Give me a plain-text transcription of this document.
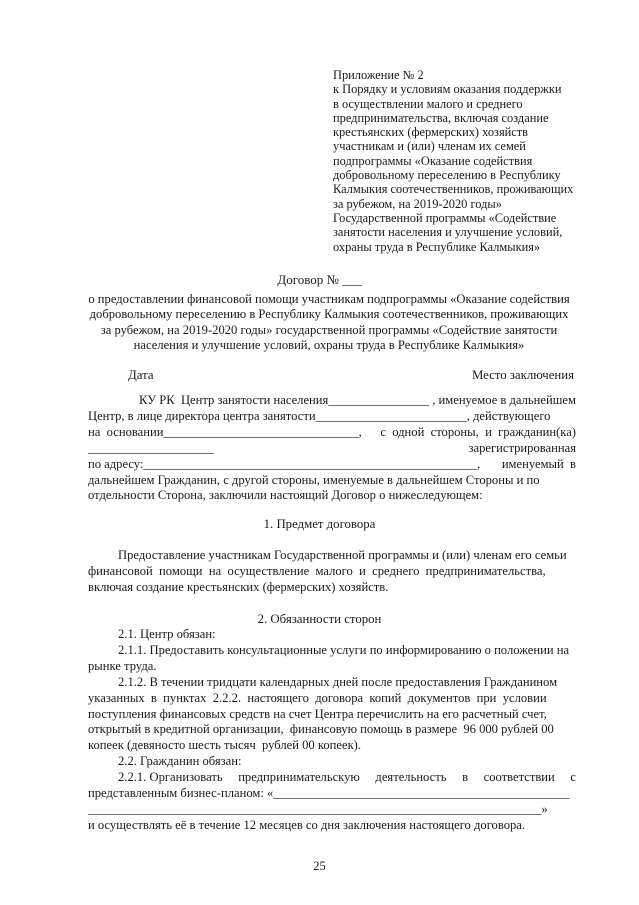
Приложение № 2
к Порядку и условиям оказания поддержки
в осуществлении малого и среднего
предпринимательства, включая создание
крестьянских (фермерских) хозяйств
участникам и (или) членам их семей
подпрограммы «Оказание содействия
добровольному переселению в Республику
Калмыкия соотечественников, проживающих
за рубежом, на 2019-2020 годы»
Государственной программы «Содействие
занятости населения и улучшение условий,
охраны труда в Республике Калмыкия»
Договор № ___
о предоставлении финансовой помощи участникам подпрограммы «Оказание содействия
добровольному переселению в Республику Калмыкия соотечественников, проживающих
за рубежом, на 2019-2020 годы» государственной программы «Содействие занятости
населения и улучшение условий, охраны труда в Республике Калмыкия»
Дата	Место заключения
КУ РК  Центр занятости населения________________ , именуемое в дальнейшем
Центр, в лице директора центра занятости________________________, действующего
на  основании_______________________________, с  одной  стороны,  и  гражданин(ка)
____________________	зарегистрированная
по адресу:_____________________________________________________, именуемый  в
дальнейшем Гражданин, с другой стороны, именуемые в дальнейшем Стороны и по
отдельности Сторона, заключили настоящий Договор о нижеследующем:
1. Предмет договора
Предоставление участникам Государственной программы и (или) членам его семьи
финансовой  помощи  на  осуществление  малого  и  среднего  предпринимательства,
включая создание крестьянских (фермерских) хозяйств.
2. Обязанности сторон
2.1. Центр обязан:
2.1.1. Предоставить консультационные услуги по информированию о положении на
рынке труда.
2.1.2. В течении тридцати календарных дней после предоставления Гражданином
указанных  в  пунктах  2.2.2.  настоящего  договора  копий  документов  при  условии
поступления финансовых средств на счет Центра перечислить на его расчетный счет,
открытый в кредитной организации,  финансовую помощь в размере  96 000 рублей 00
копеек (девяносто шесть тысяч  рублей 00 копеек).
2.2. Гражданин обязан:
2.2.1. Организовать предпринимательскую деятельность в соответствии с
представленным бизнес-планом: «_______________________________________________
________________________________________________________________________»
и осуществлять её в течение 12 месяцев со дня заключения настоящего договора.
25
